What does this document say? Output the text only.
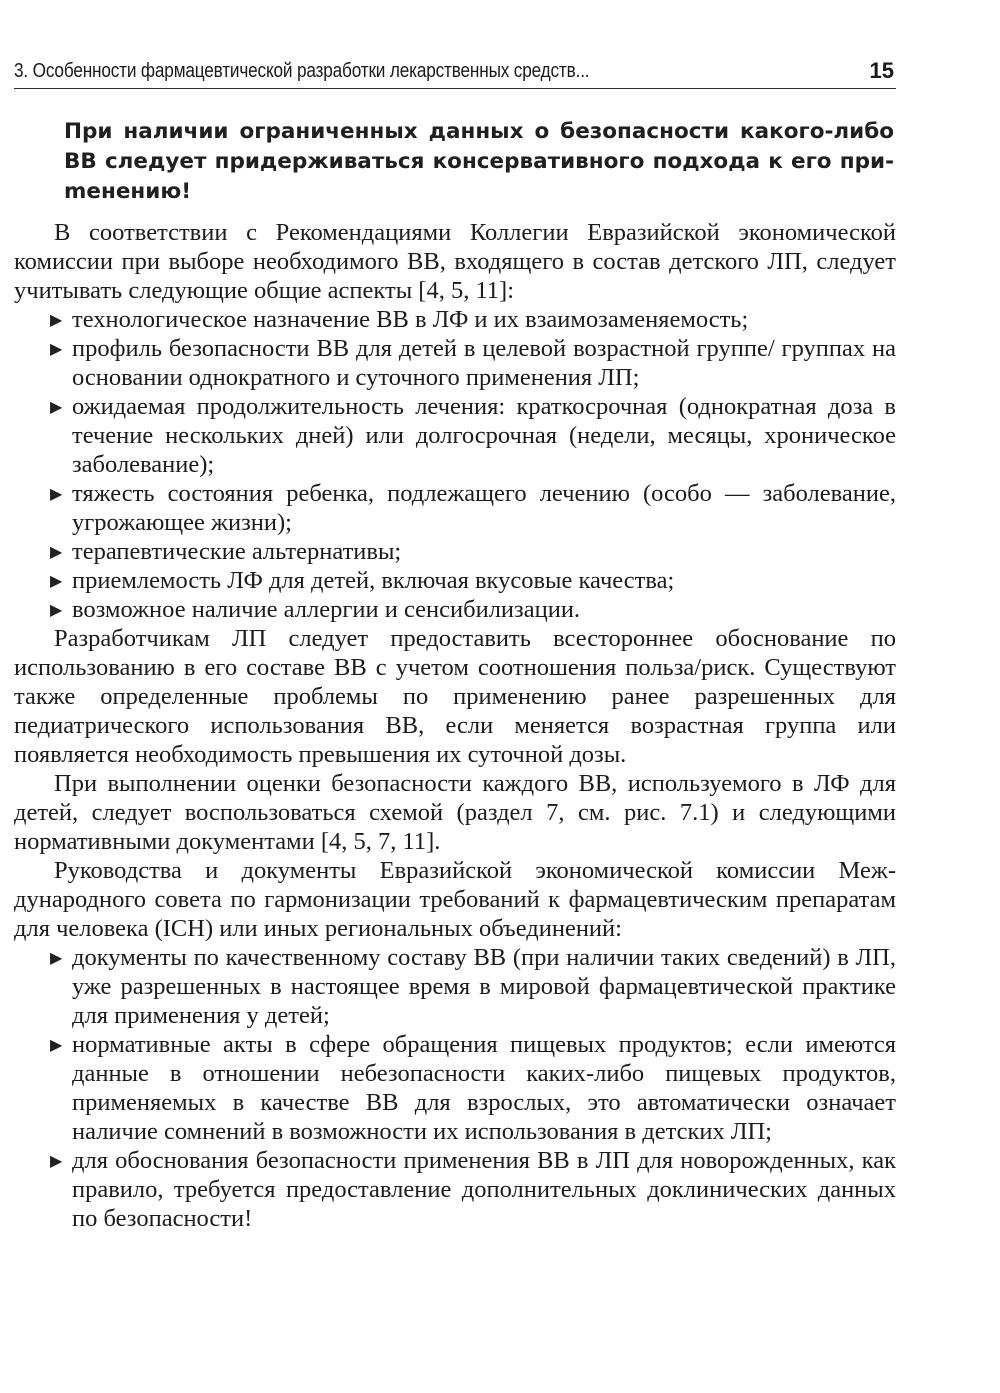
3. Особенности фармацевтической разработки лекарственных средств...	15
При наличии ограниченных данных о безопасности какого-либо ВВ следует придерживаться консервативного подхода к его приmенению!

В соответствии с Рекомендациями Коллегии Евразийской экономической комиссии при выборе необходимого ВВ, входящего в состав детского ЛП, следует учитывать следующие общие аспекты [4, 5, 11]:

▶ технологическое назначение ВВ в ЛФ и их взаимозаменяемость;
▶ профиль безопасности ВВ для детей в целевой возрастной группе/ группах на основании однократного и суточного применения ЛП;
▶ ожидаемая продолжительность лечения: краткосрочная (однократная доза в течение нескольких дней) или долгосрочная (недели, месяцы, хроническое заболевание);
▶ тяжесть состояния ребенка, подлежащего лечению (особо — заболевание, угрожающее жизни);
▶ терапевтические альтернативы;
▶ приемлемость ЛФ для детей, включая вкусовые качества;
▶ возможное наличие аллергии и сенсибилизации.

Разработчикам ЛП следует предоставить всестороннее обоснование по использованию в его составе ВВ с учетом соотношения польза/риск. Существуют также определенные проблемы по применению ранее разрешенных для педиатрического использования ВВ, если меняется возрастная группа или появляется необходимость превышения их суточной дозы.

При выполнении оценки безопасности каждого ВВ, используемого в ЛФ для детей, следует воспользоваться схемой (раздел 7, см. рис. 7.1) и следующими нормативными документами [4, 5, 7, 11].

Руководства и документы Евразийской экономической комиссии Международного совета по гармонизации требований к фармацевтическим препаратам для человека (ICH) или иных региональных объединений:

▶ документы по качественному составу ВВ (при наличии таких сведений) в ЛП, уже разрешенных в настоящее время в мировой фармацевтической практике для применения у детей;
▶ нормативные акты в сфере обращения пищевых продуктов; если имеются данные в отношении небезопасности каких-либо пищевых продуктов, применяемых в качестве ВВ для взрослых, это автоматически означает наличие сомнений в возможности их использования в детских ЛП;
▶ для обоснования безопасности применения ВВ в ЛП для новорожденных, как правило, требуется предоставление дополнительных доклинических данных по безопасности!
